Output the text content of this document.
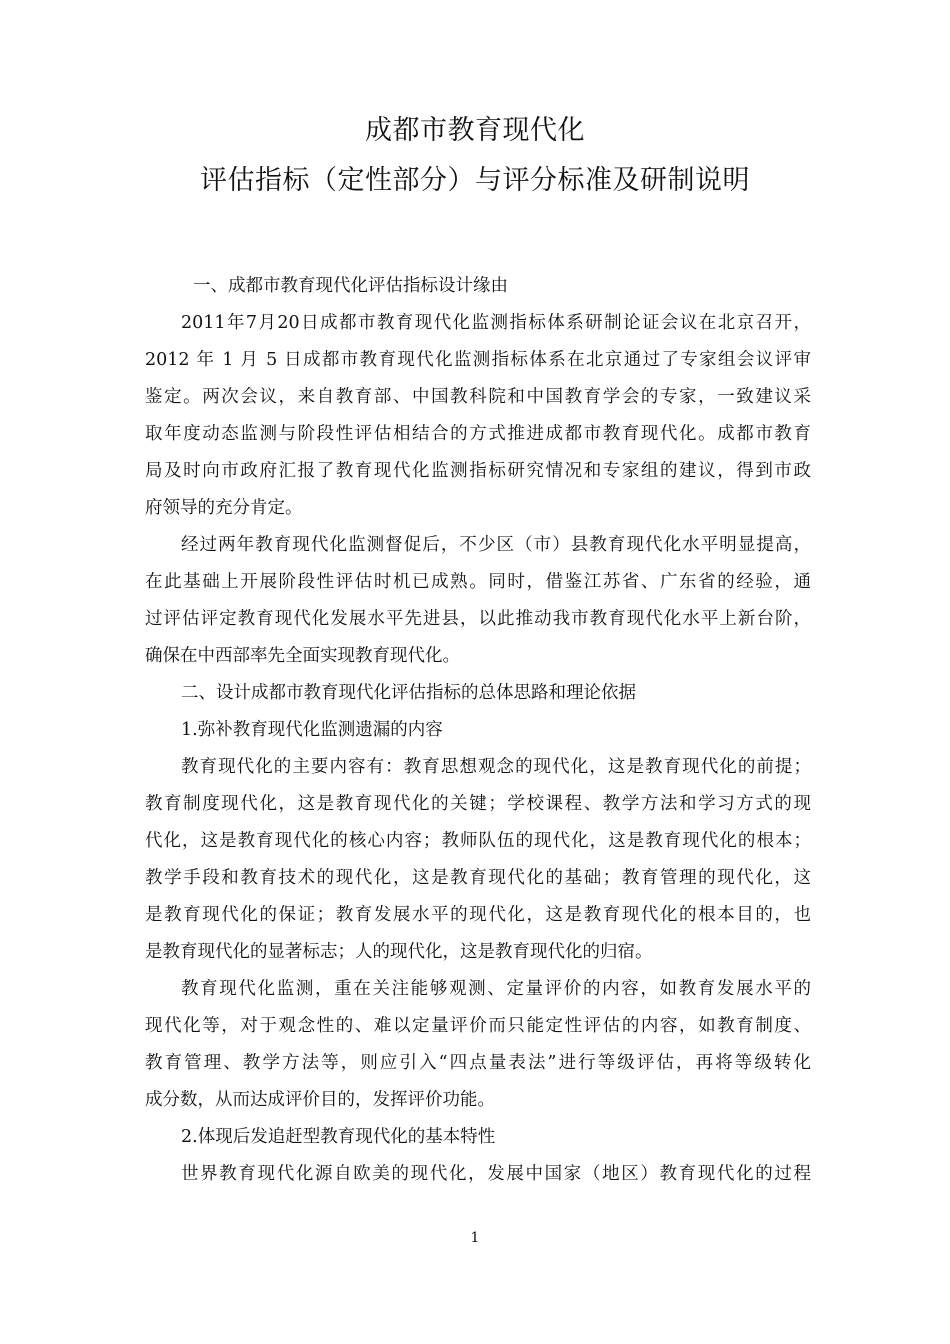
成都市教育现代化
评估指标（定性部分）与评分标准及研制说明
一、成都市教育现代化评估指标设计缘由
2011年7月20日成都市教育现代化监测指标体系研制论证会议在北京召开，
2012 年 1 月 5 日成都市教育现代化监测指标体系在北京通过了专家组会议评审
鉴定。两次会议，来自教育部、中国教科院和中国教育学会的专家，一致建议采
取年度动态监测与阶段性评估相结合的方式推进成都市教育现代化。成都市教育
局及时向市政府汇报了教育现代化监测指标研究情况和专家组的建议，得到市政
府领导的充分肯定。
经过两年教育现代化监测督促后，不少区（市）县教育现代化水平明显提高，
在此基础上开展阶段性评估时机已成熟。同时，借鉴江苏省、广东省的经验，通
过评估评定教育现代化发展水平先进县，以此推动我市教育现代化水平上新台阶，
确保在中西部率先全面实现教育现代化。
二、设计成都市教育现代化评估指标的总体思路和理论依据
1.弥补教育现代化监测遗漏的内容
教育现代化的主要内容有：教育思想观念的现代化，这是教育现代化的前提；
教育制度现代化，这是教育现代化的关键；学校课程、教学方法和学习方式的现
代化，这是教育现代化的核心内容；教师队伍的现代化，这是教育现代化的根本；
教学手段和教育技术的现代化，这是教育现代化的基础；教育管理的现代化，这
是教育现代化的保证；教育发展水平的现代化，这是教育现代化的根本目的，也
是教育现代化的显著标志；人的现代化，这是教育现代化的归宿。
教育现代化监测，重在关注能够观测、定量评价的内容，如教育发展水平的
现代化等，对于观念性的、难以定量评价而只能定性评估的内容，如教育制度、
教育管理、教学方法等，则应引入“四点量表法”进行等级评估，再将等级转化
成分数，从而达成评价目的，发挥评价功能。
2.体现后发追赶型教育现代化的基本特性
世界教育现代化源自欧美的现代化，发展中国家（地区）教育现代化的过程
1
